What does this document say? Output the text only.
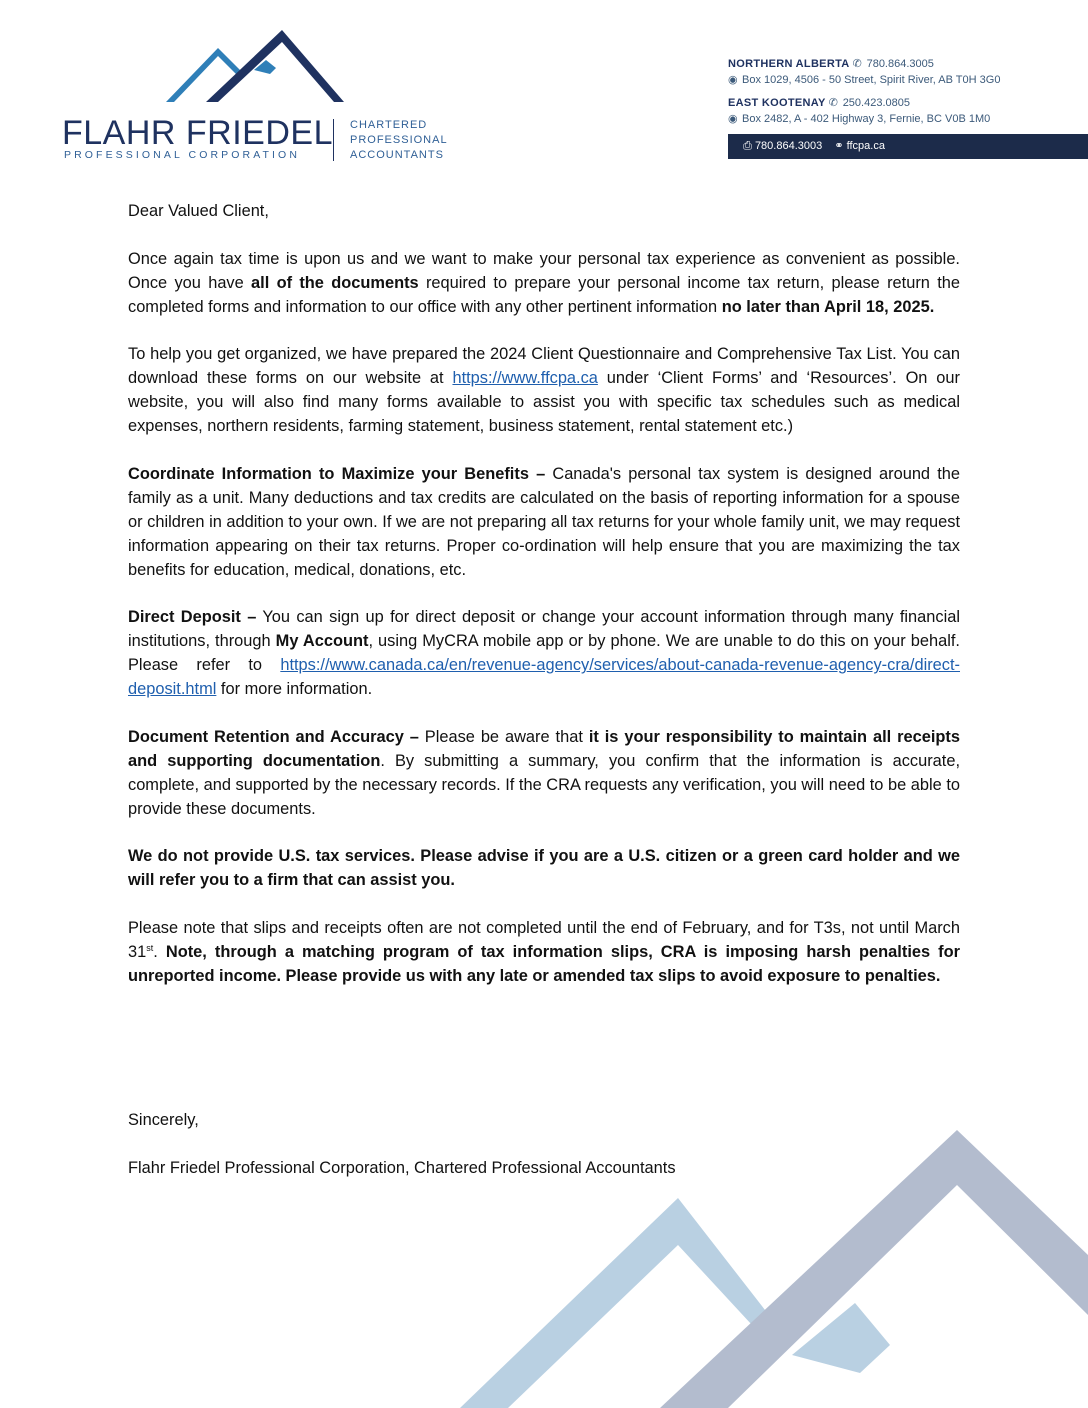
FLAHR FRIEDEL
PROFESSIONAL CORPORATION
CHARTERED
PROFESSIONAL
ACCOUNTANTS
NORTHERN ALBERTA ✆ 780.864.3005
◉ Box 1029, 4506 - 50 Street, Spirit River, AB T0H 3G0
EAST KOOTENAY ✆ 250.423.0805
◉ Box 2482, A - 402 Highway 3, Fernie, BC V0B 1M0
⎙ 780.864.3003 ⚭ ffcpa.ca

Dear Valued Client,

Once again tax time is upon us and we want to make your personal tax experience as convenient as possible. Once you have all of the documents required to prepare your personal income tax return, please return the completed forms and information to our office with any other pertinent information no later than April 18, 2025.

To help you get organized, we have prepared the 2024 Client Questionnaire and Comprehensive Tax List. You can download these forms on our website at https://www.ffcpa.ca under ‘Client Forms’ and ‘Resources’. On our website, you will also find many forms available to assist you with specific tax schedules such as medical expenses, northern residents, farming statement, business statement, rental statement etc.)

Coordinate Information to Maximize your Benefits – Canada's personal tax system is designed around the family as a unit. Many deductions and tax credits are calculated on the basis of reporting information for a spouse or children in addition to your own. If we are not preparing all tax returns for your whole family unit, we may request information appearing on their tax returns. Proper co-ordination will help ensure that you are maximizing the tax benefits for education, medical, donations, etc.

Direct Deposit – You can sign up for direct deposit or change your account information through many financial institutions, through My Account, using MyCRA mobile app or by phone. We are unable to do this on your behalf. Please refer to https://www.canada.ca/en/revenue-agency/services/about-canada-revenue-agency-cra/direct-deposit.html for more information.

Document Retention and Accuracy – Please be aware that it is your responsibility to maintain all receipts and supporting documentation. By submitting a summary, you confirm that the information is accurate, complete, and supported by the necessary records. If the CRA requests any verification, you will need to be able to provide these documents.

We do not provide U.S. tax services. Please advise if you are a U.S. citizen or a green card holder and we will refer you to a firm that can assist you.

Please note that slips and receipts often are not completed until the end of February, and for T3s, not until March 31st. Note, through a matching program of tax information slips, CRA is imposing harsh penalties for unreported income. Please provide us with any late or amended tax slips to avoid exposure to penalties.

Sincerely,
Flahr Friedel Professional Corporation, Chartered Professional Accountants
